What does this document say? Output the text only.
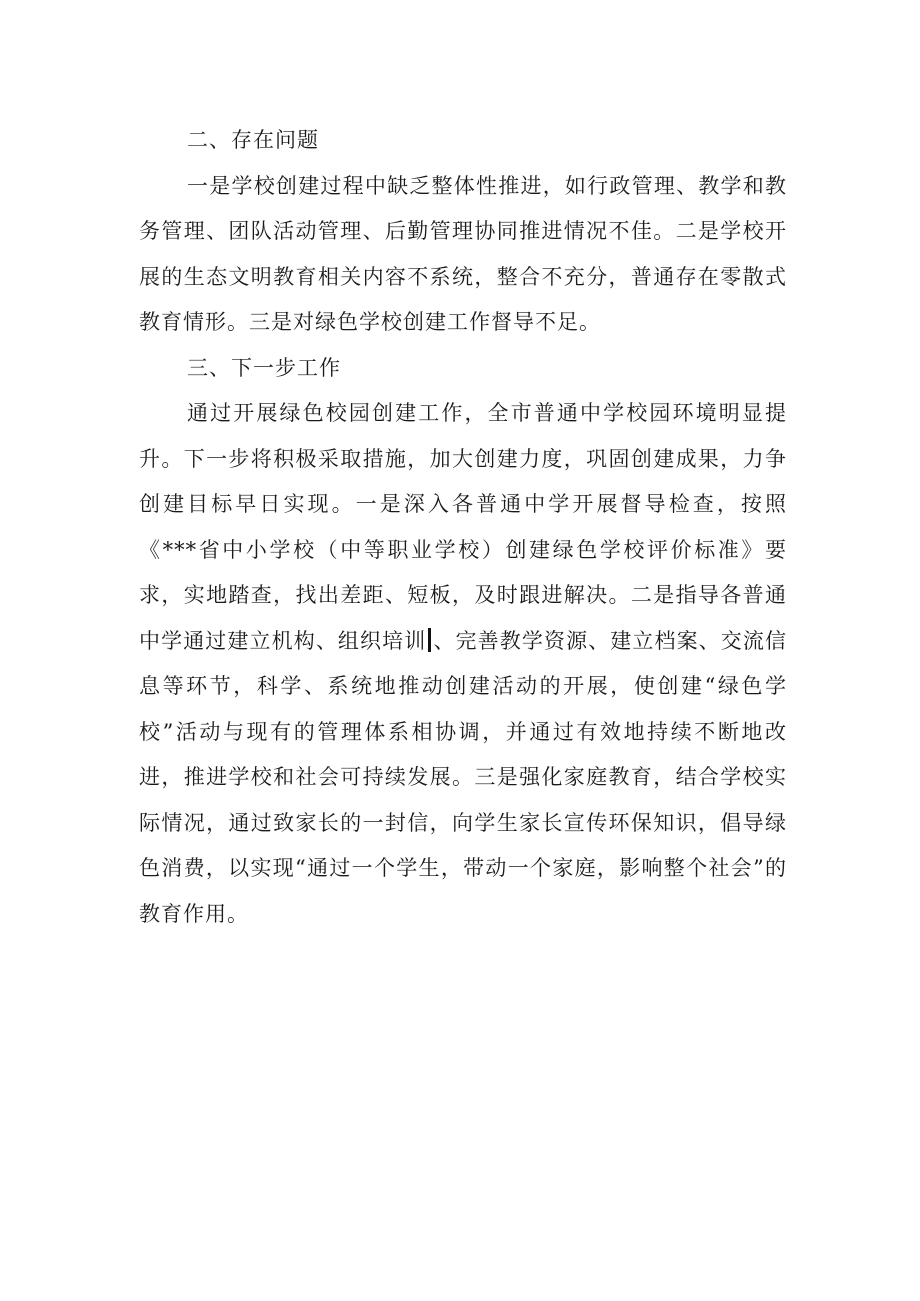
二、存在问题

一是学校创建过程中缺乏整体性推进，如行政管理、教学和教务管理、团队活动管理、后勤管理协同推进情况不佳。二是学校开展的生态文明教育相关内容不系统，整合不充分，普通存在零散式教育情形。三是对绿色学校创建工作督导不足。

三、下一步工作

通过开展绿色校园创建工作，全市普通中学校园环境明显提升。下一步将积极采取措施，加大创建力度，巩固创建成果，力争创建目标早日实现。一是深入各普通中学开展督导检查，按照《***省中小学校（中等职业学校）创建绿色学校评价标准》要求，实地踏查，找出差距、短板，及时跟进解决。二是指导各普通中学通过建立机构、组织培训 、完善教学资源、建立档案、交流信息等环节，科学、系统地推动创建活动的开展，使创建“绿色学校”活动与现有的管理体系相协调，并通过有效地持续不断地改进，推进学校和社会可持续发展。三是强化家庭教育，结合学校实际情况，通过致家长的一封信，向学生家长宣传环保知识，倡导绿色消费，以实现“通过一个学生，带动一个家庭，影响整个社会”的教育作用。
